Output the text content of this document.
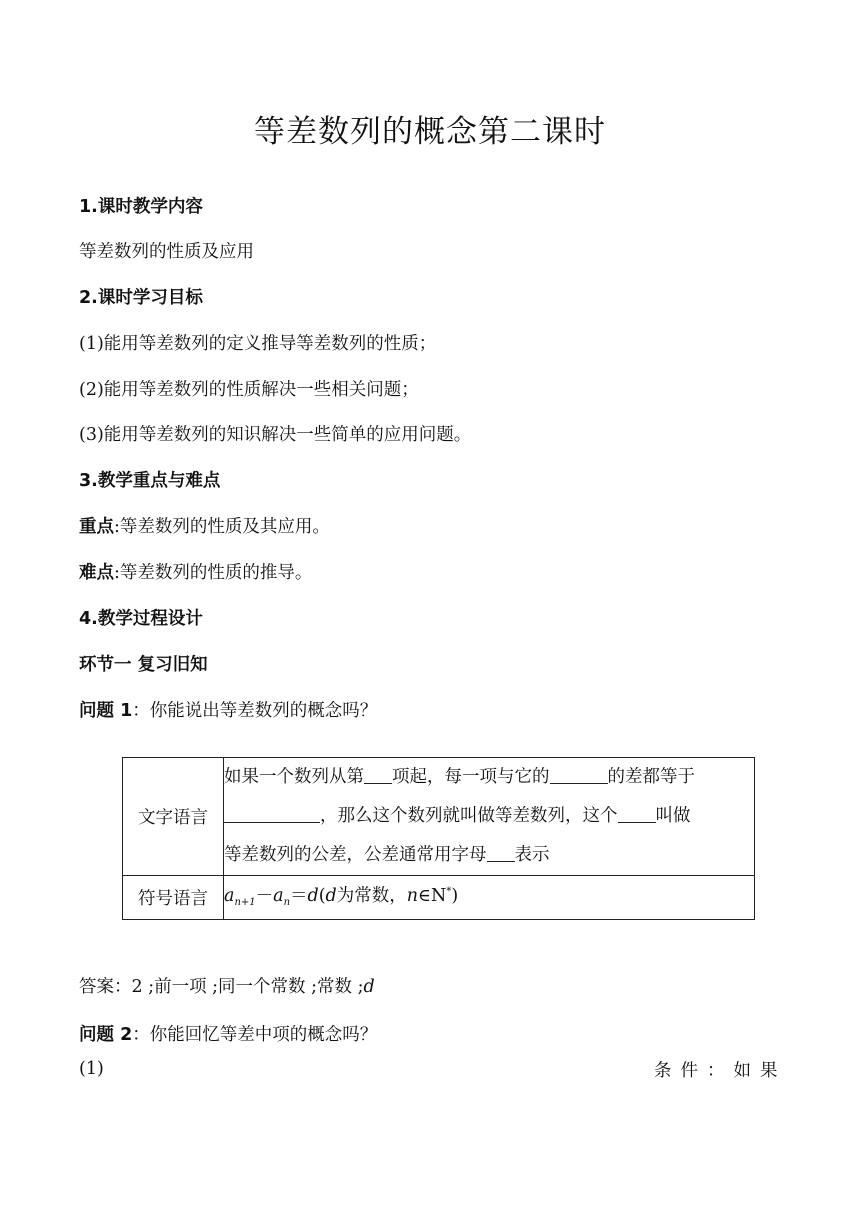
等差数列的概念第二课时
1.课时教学内容
等差数列的性质及应用
2.课时学习目标
(1)能用等差数列的定义推导等差数列的性质；
(2)能用等差数列的性质解决一些相关问题；
(3)能用等差数列的知识解决一些简单的应用问题。
3.教学重点与难点
重点:等差数列的性质及其应用。
难点:等差数列的性质的推导。
4.教学过程设计
环节一 复习旧知
问题 1：你能说出等差数列的概念吗？
文字语言	如果一个数列从第 项起，每一项与它的 的差都等于
，那么这个数列就叫做等差数列，这个 叫做
等差数列的公差，公差通常用字母 表示
符号语言	$a_{n+1}-a_n=d(d$为常数，n∈N*)
答案：2 ;前一项 ;同一个常数 ;常数 ;d
问题 2：你能回忆等差中项的概念吗？
(1)	条件：如果
